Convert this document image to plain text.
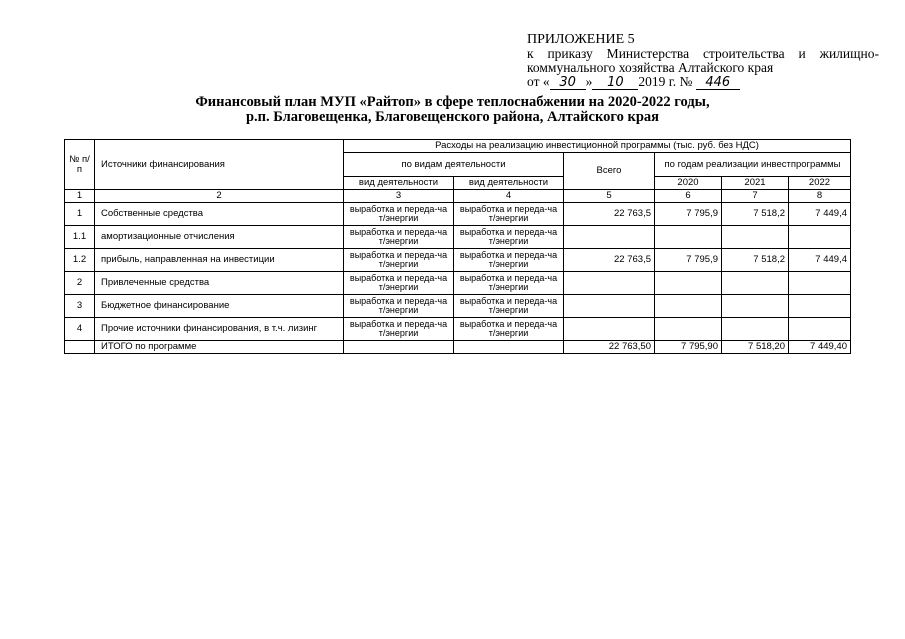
ПРИЛОЖЕНИЕ 5
к приказу Министерства строительства и жилищно-
коммунального хозяйства Алтайского края
от « 30 » 10 2019 г. № 446
Финансовый план МУП «Райтоп» в сфере теплоснабжении на 2020-2022 годы,
р.п. Благовещенка, Благовещенского района, Алтайского края
№ п/п	Источники финансирования	Расходы на реализацию инвестиционной программы (тыс. руб. без НДС)					
		по видам деятельности		Всего	по годам реализации инвестпрограммы		
		вид деятельности	вид деятельности		2020	2021	2022
1	2	3	4	5	6	7	8
1	Собственные средства	выработка и переда-ча т/энергии	выработка и переда-ча т/энергии	22 763,5	7 795,9	7 518,2	7 449,4
1.1	амортизационные отчисления	выработка и переда-ча т/энергии	выработка и переда-ча т/энергии				
1.2	прибыль, направленная на инвестиции	выработка и переда-ча т/энергии	выработка и переда-ча т/энергии	22 763,5	7 795,9	7 518,2	7 449,4
2	Привлеченные средства	выработка и переда-ча т/энергии	выработка и переда-ча т/энергии				
3	Бюджетное финансирование	выработка и переда-ча т/энергии	выработка и переда-ча т/энергии				
4	Прочие источники финансирования, в т.ч. лизинг	выработка и переда-ча т/энергии	выработка и переда-ча т/энергии				
	ИТОГО по программе			22 763,50	7 795,90	7 518,20	7 449,40
